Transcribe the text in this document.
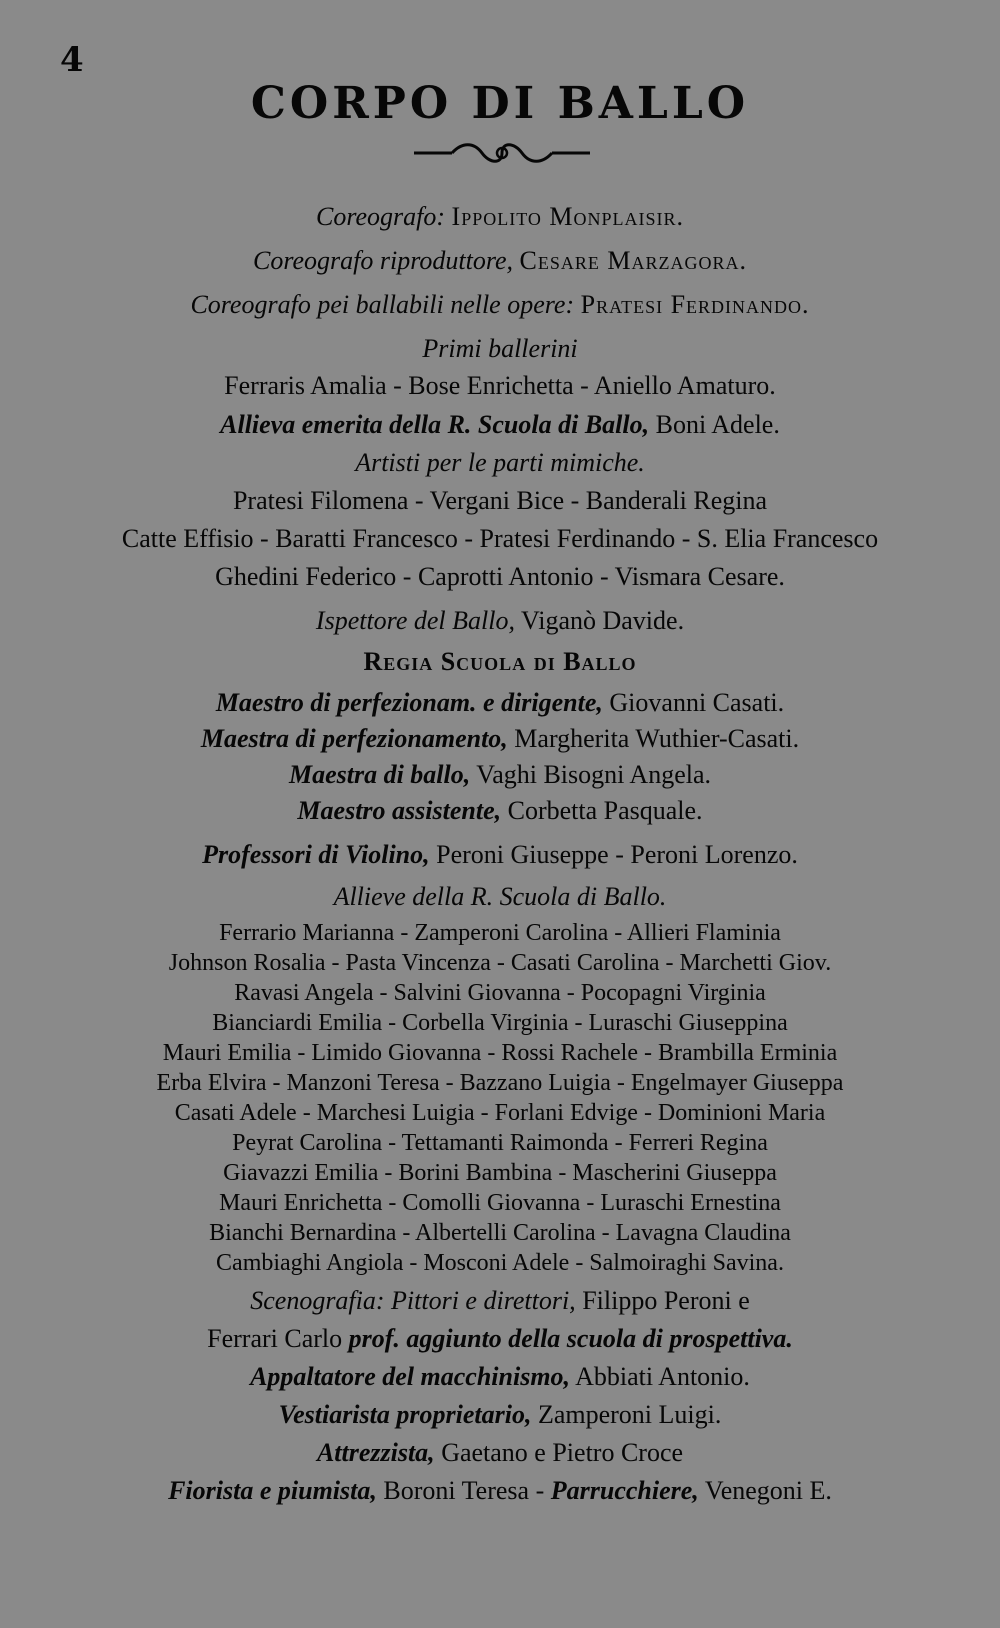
4
CORPO DI BALLO
Coreografo: Ippolito Monplaisir.
Coreografo riproduttore, Cesare Marzagora.
Coreografo pei ballabili nelle opere: Pratesi Ferdinando.
Primi ballerini
Ferraris Amalia - Bose Enrichetta - Aniello Amaturo.
Allieva emerita della R. Scuola di Ballo, Boni Adele.
Artisti per le parti mimiche.
Pratesi Filomena - Vergani Bice - Banderali Regina
Catte Effisio - Baratti Francesco - Pratesi Ferdinando - S. Elia Francesco
Ghedini Federico - Caprotti Antonio - Vismara Cesare.
Ispettore del Ballo, Viganò Davide.
Regia Scuola di Ballo
Maestro di perfezionam. e dirigente, Giovanni Casati.
Maestra di perfezionamento, Margherita Wuthier-Casati.
Maestra di ballo, Vaghi Bisogni Angela.
Maestro assistente, Corbetta Pasquale.
Professori di Violino, Peroni Giuseppe - Peroni Lorenzo.
Allieve della R. Scuola di Ballo.
Ferrario Marianna - Zamperoni Carolina - Allieri Flaminia
Johnson Rosalia - Pasta Vincenza - Casati Carolina - Marchetti Giov.
Ravasi Angela - Salvini Giovanna - Pocopagni Virginia
Bianciardi Emilia - Corbella Virginia - Luraschi Giuseppina
Mauri Emilia - Limido Giovanna - Rossi Rachele - Brambilla Erminia
Erba Elvira - Manzoni Teresa - Bazzano Luigia - Engelmayer Giuseppa
Casati Adele - Marchesi Luigia - Forlani Edvige - Dominioni Maria
Peyrat Carolina - Tettamanti Raimonda - Ferreri Regina
Giavazzi Emilia - Borini Bambina - Mascherini Giuseppa
Mauri Enrichetta - Comolli Giovanna - Luraschi Ernestina
Bianchi Bernardina - Albertelli Carolina - Lavagna Claudina
Cambiaghi Angiola - Mosconi Adele - Salmoiraghi Savina.
Scenografia: Pittori e direttori, Filippo Peroni e
Ferrari Carlo prof. aggiunto della scuola di prospettiva.
Appaltatore del macchinismo, Abbiati Antonio.
Vestiarista proprietario, Zamperoni Luigi.
Attrezzista, Gaetano e Pietro Croce
Fiorista e piumista, Boroni Teresa - Parrucchiere, Venegoni E.
